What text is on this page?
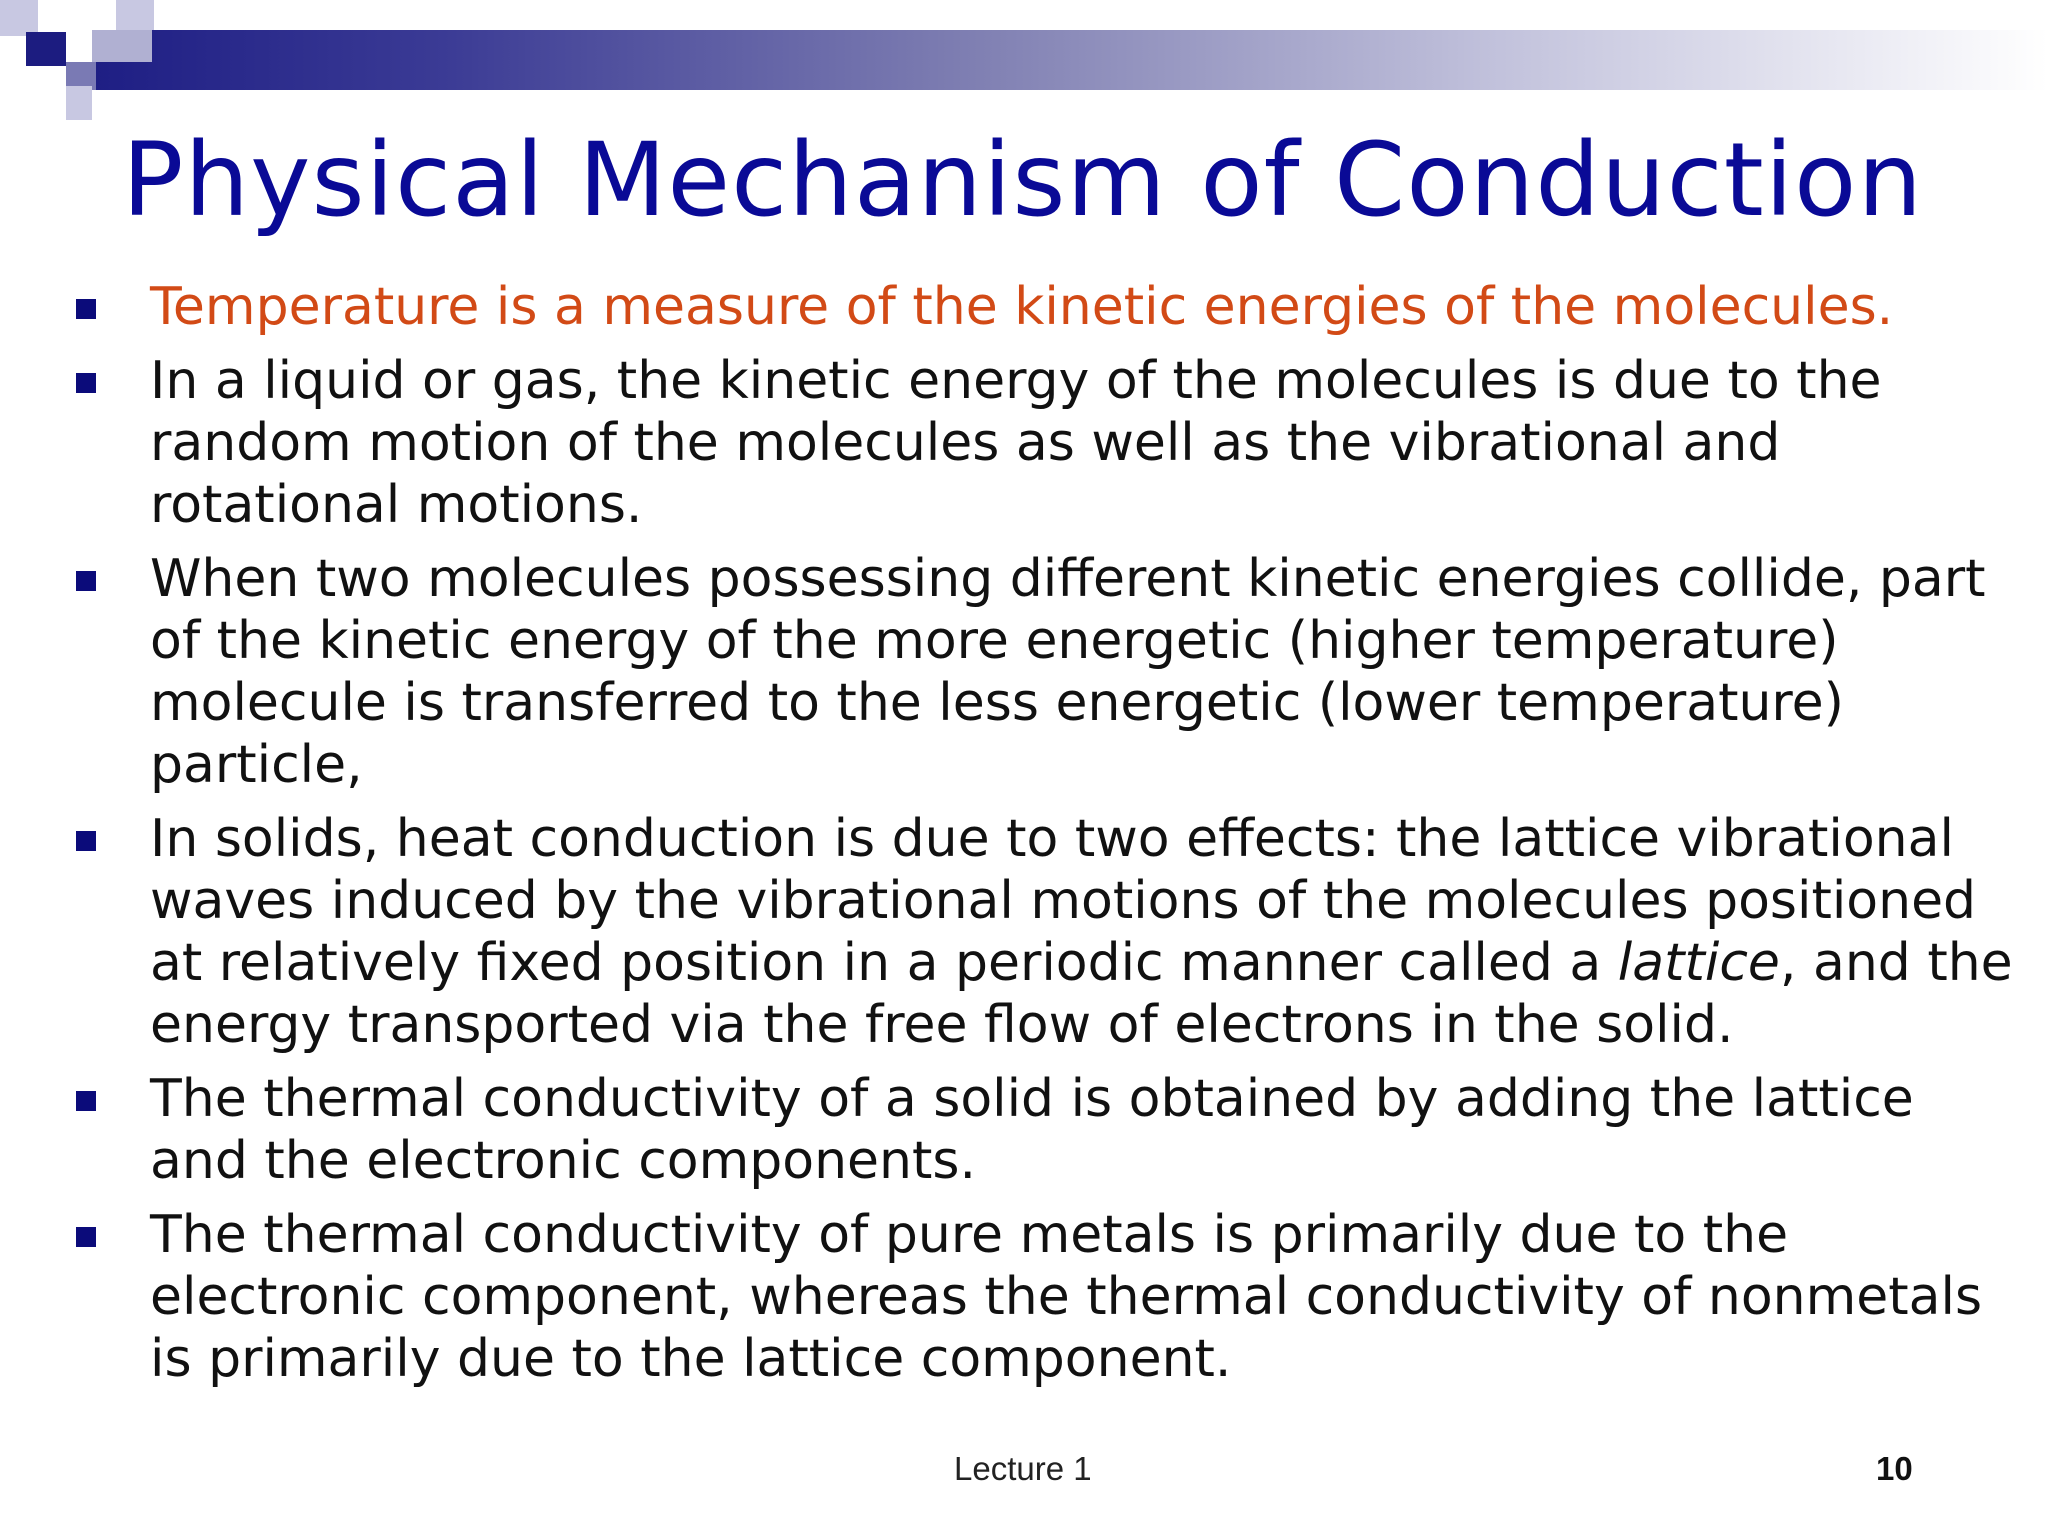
Physical Mechanism of Conduction
Temperature is a measure of the kinetic energies of the molecules.
In a liquid or gas, the kinetic energy of the molecules is due to the random motion of the molecules as well as the vibrational and rotational motions.
When two molecules possessing different kinetic energies collide, part of the kinetic energy of the more energetic (higher temperature) molecule is transferred to the less energetic (lower temperature) particle,
In solids, heat conduction is due to two effects: the lattice vibrational waves induced by the vibrational motions of the molecules positioned at relatively fixed position in a periodic manner called a lattice, and the energy transported via the free flow of electrons in the solid.
The thermal conductivity of a solid is obtained by adding the lattice and the electronic components.
The thermal conductivity of pure metals is primarily due to the electronic component, whereas the thermal conductivity of nonmetals is primarily due to the lattice component.
Lecture 1	10
